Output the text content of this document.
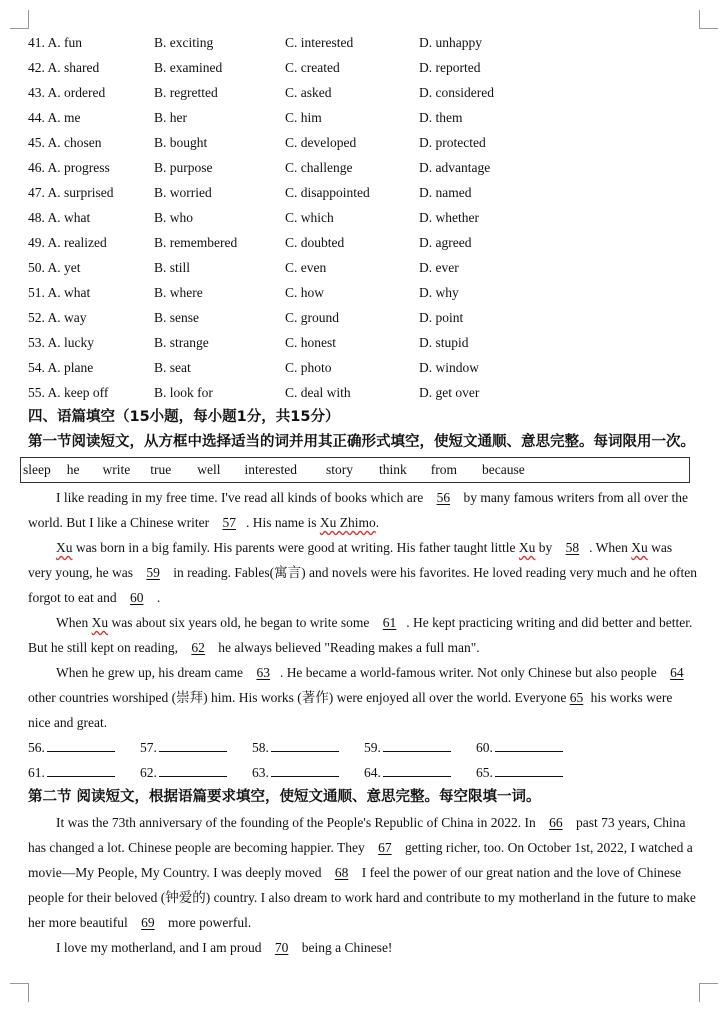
41. A. fun	B. exciting	C. interested	D. unhappy
42. A. shared	B. examined	C. created	D. reported
43. A. ordered	B. regretted	C. asked	D. considered
44. A. me	B. her	C. him	D. them
45. A. chosen	B. bought	C. developed	D. protected
46. A. progress	B. purpose	C. challenge	D. advantage
47. A. surprised	B. worried	C. disappointed	D. named
48. A. what	B. who	C. which	D. whether
49. A. realized	B. remembered	C. doubted	D. agreed
50. A. yet	B. still	C. even	D. ever
51. A. what	B. where	C. how	D. why
52. A. way	B. sense	C. ground	D. point
53. A. lucky	B. strange	C. honest	D. stupid
54. A. plane	B. seat	C. photo	D. window
55. A. keep off	B. look for	C. deal with	D. get over
四、语篇填空（15小题，每小题1分，共15分）
第一节阅读短文，从方框中选择适当的词并用其正确形式填空，使短文通顺、意思完整。每词限用一次。
sleep he write true well interested story think from because

I like reading in my free time. I've read all kinds of books which are 56 by many famous writers from all over the world. But I like a Chinese writer 57 . His name is Xu Zhimo.

Xu was born in a big family. His parents were good at writing. His father taught little Xu by 58 . When Xu was very young, he was 59 in reading. Fables(寓言) and novels were his favorites. He loved reading very much and he often forgot to eat and 60 .

When Xu was about six years old, he began to write some 61 . He kept practicing writing and did better and better. But he still kept on reading, 62 he always believed "Reading makes a full man".

When he grew up, his dream came 63 . He became a world-famous writer. Not only Chinese but also people 64 other countries worshiped (崇拜) him. His works (著作) were enjoyed all over the world. Everyone 65 his works were nice and great.

56.	57.	58.	59.	60.
61.	62.	63.	64.	65.
第二节 阅读短文，根据语篇要求填空，使短文通顺、意思完整。每空限填一词。

It was the 73th anniversary of the founding of the People's Republic of China in 2022. In 66 past 73 years, China has changed a lot. Chinese people are becoming happier. They 67 getting richer, too. On October 1st, 2022, I watched a movie—My People, My Country. I was deeply moved 68 I feel the power of our great nation and the love of Chinese people for their beloved (钟爱的) country. I also dream to work hard and contribute to my motherland in the future to make her more beautiful 69 more powerful.

I love my motherland, and I am proud 70 being a Chinese!
